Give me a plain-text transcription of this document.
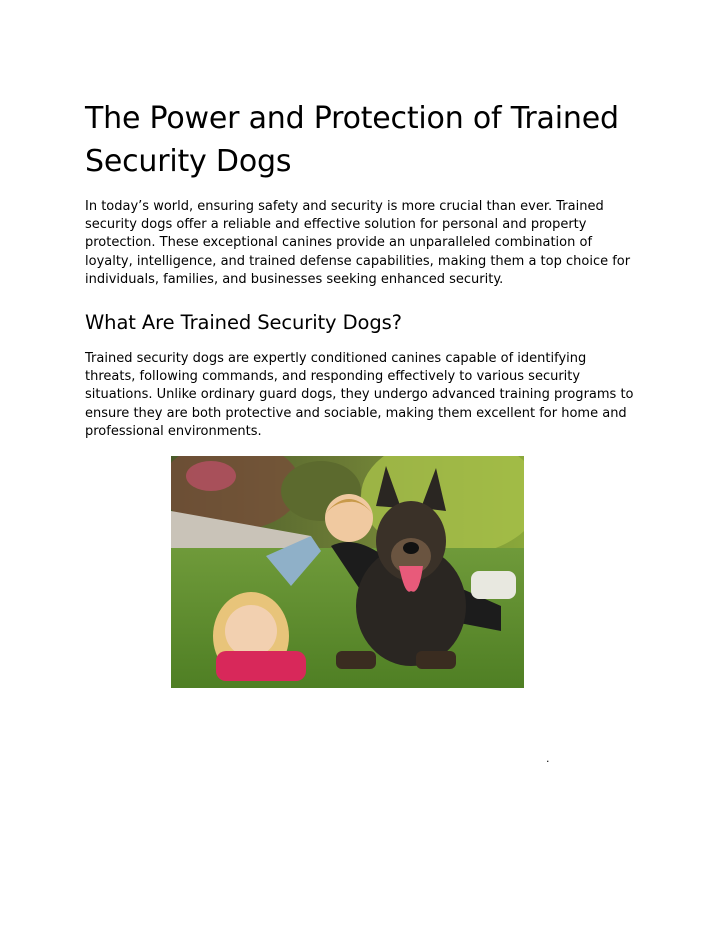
The Power and Protection of Trained Security Dogs

In today’s world, ensuring safety and security is more crucial than ever. Trained security dogs offer a reliable and effective solution for personal and property protection. These exceptional canines provide an unparalleled combination of loyalty, intelligence, and trained defense capabilities, making them a top choice for individuals, families, and businesses seeking enhanced security.

What Are Trained Security Dogs?

Trained security dogs are expertly conditioned canines capable of identifying threats, following commands, and responding effectively to various security situations. Unlike ordinary guard dogs, they undergo advanced training programs to ensure they are both protective and sociable, making them excellent for home and professional environments.

.
